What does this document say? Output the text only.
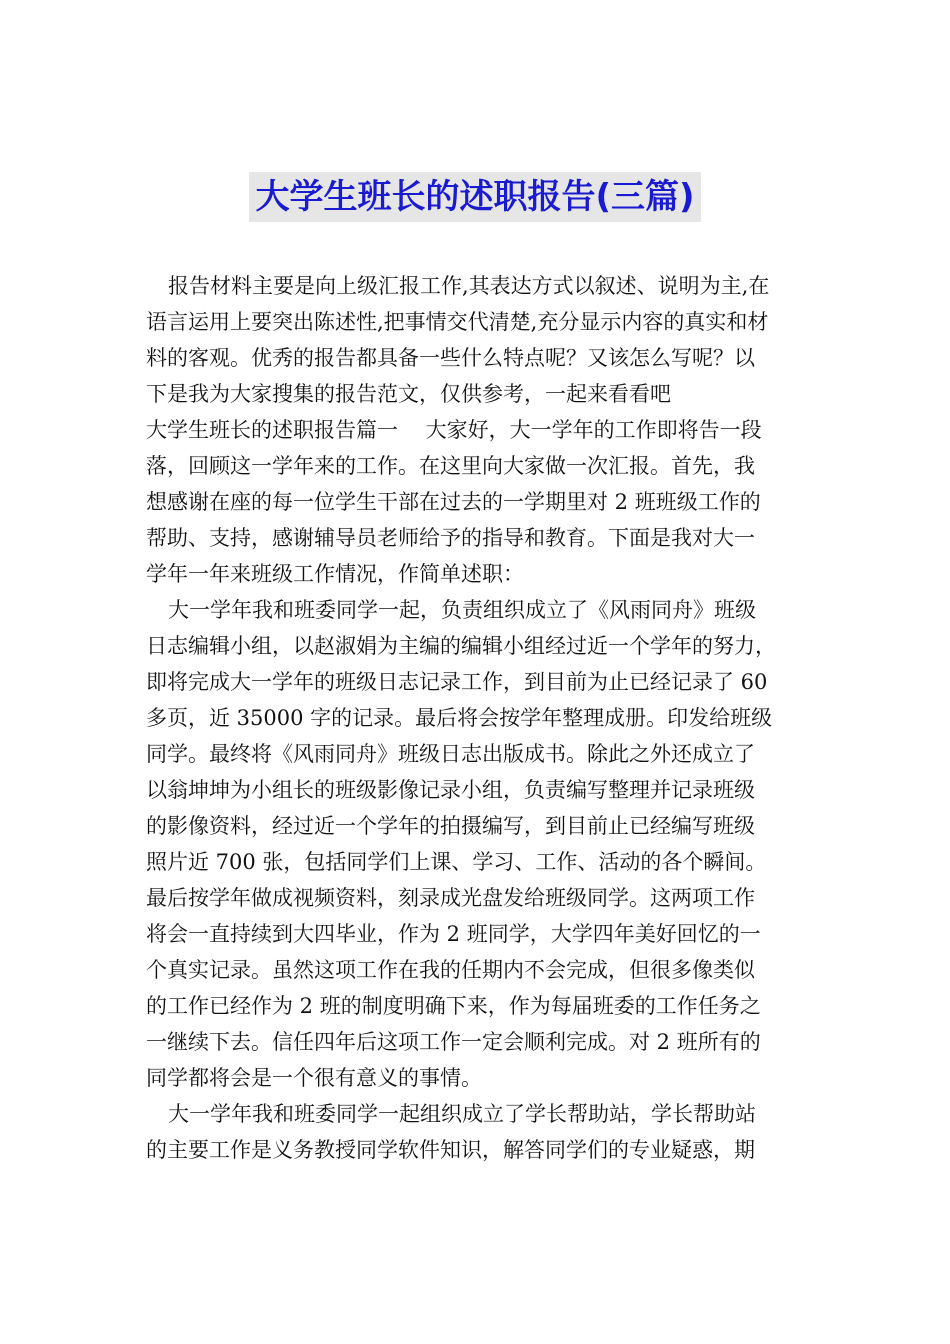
大学生班长的述职报告(三篇)
报告材料主要是向上级汇报工作,其表达方式以叙述、说明为主,在
语言运用上要突出陈述性,把事情交代清楚,充分显示内容的真实和材
料的客观。优秀的报告都具备一些什么特点呢？又该怎么写呢？以
下是我为大家搜集的报告范文，仅供参考，一起来看看吧
大学生班长的述职报告篇一　 大家好，大一学年的工作即将告一段
落，回顾这一学年来的工作。在这里向大家做一次汇报。首先，我
想感谢在座的每一位学生干部在过去的一学期里对 2 班班级工作的
帮助、支持，感谢辅导员老师给予的指导和教育。下面是我对大一
学年一年来班级工作情况，作简单述职：
大一学年我和班委同学一起，负责组织成立了《风雨同舟》班级
日志编辑小组，以赵淑娟为主编的编辑小组经过近一个学年的努力，
即将完成大一学年的班级日志记录工作，到目前为止已经记录了 60
多页，近 35000 字的记录。最后将会按学年整理成册。印发给班级
同学。最终将《风雨同舟》班级日志出版成书。除此之外还成立了
以翁坤坤为小组长的班级影像记录小组，负责编写整理并记录班级
的影像资料，经过近一个学年的拍摄编写，到目前止已经编写班级
照片近 700 张，包括同学们上课、学习、工作、活动的各个瞬间。
最后按学年做成视频资料，刻录成光盘发给班级同学。这两项工作
将会一直持续到大四毕业，作为 2 班同学，大学四年美好回忆的一
个真实记录。虽然这项工作在我的任期内不会完成，但很多像类似
的工作已经作为 2 班的制度明确下来，作为每届班委的工作任务之
一继续下去。信任四年后这项工作一定会顺利完成。对 2 班所有的
同学都将会是一个很有意义的事情。
大一学年我和班委同学一起组织成立了学长帮助站，学长帮助站
的主要工作是义务教授同学软件知识，解答同学们的专业疑惑，期
